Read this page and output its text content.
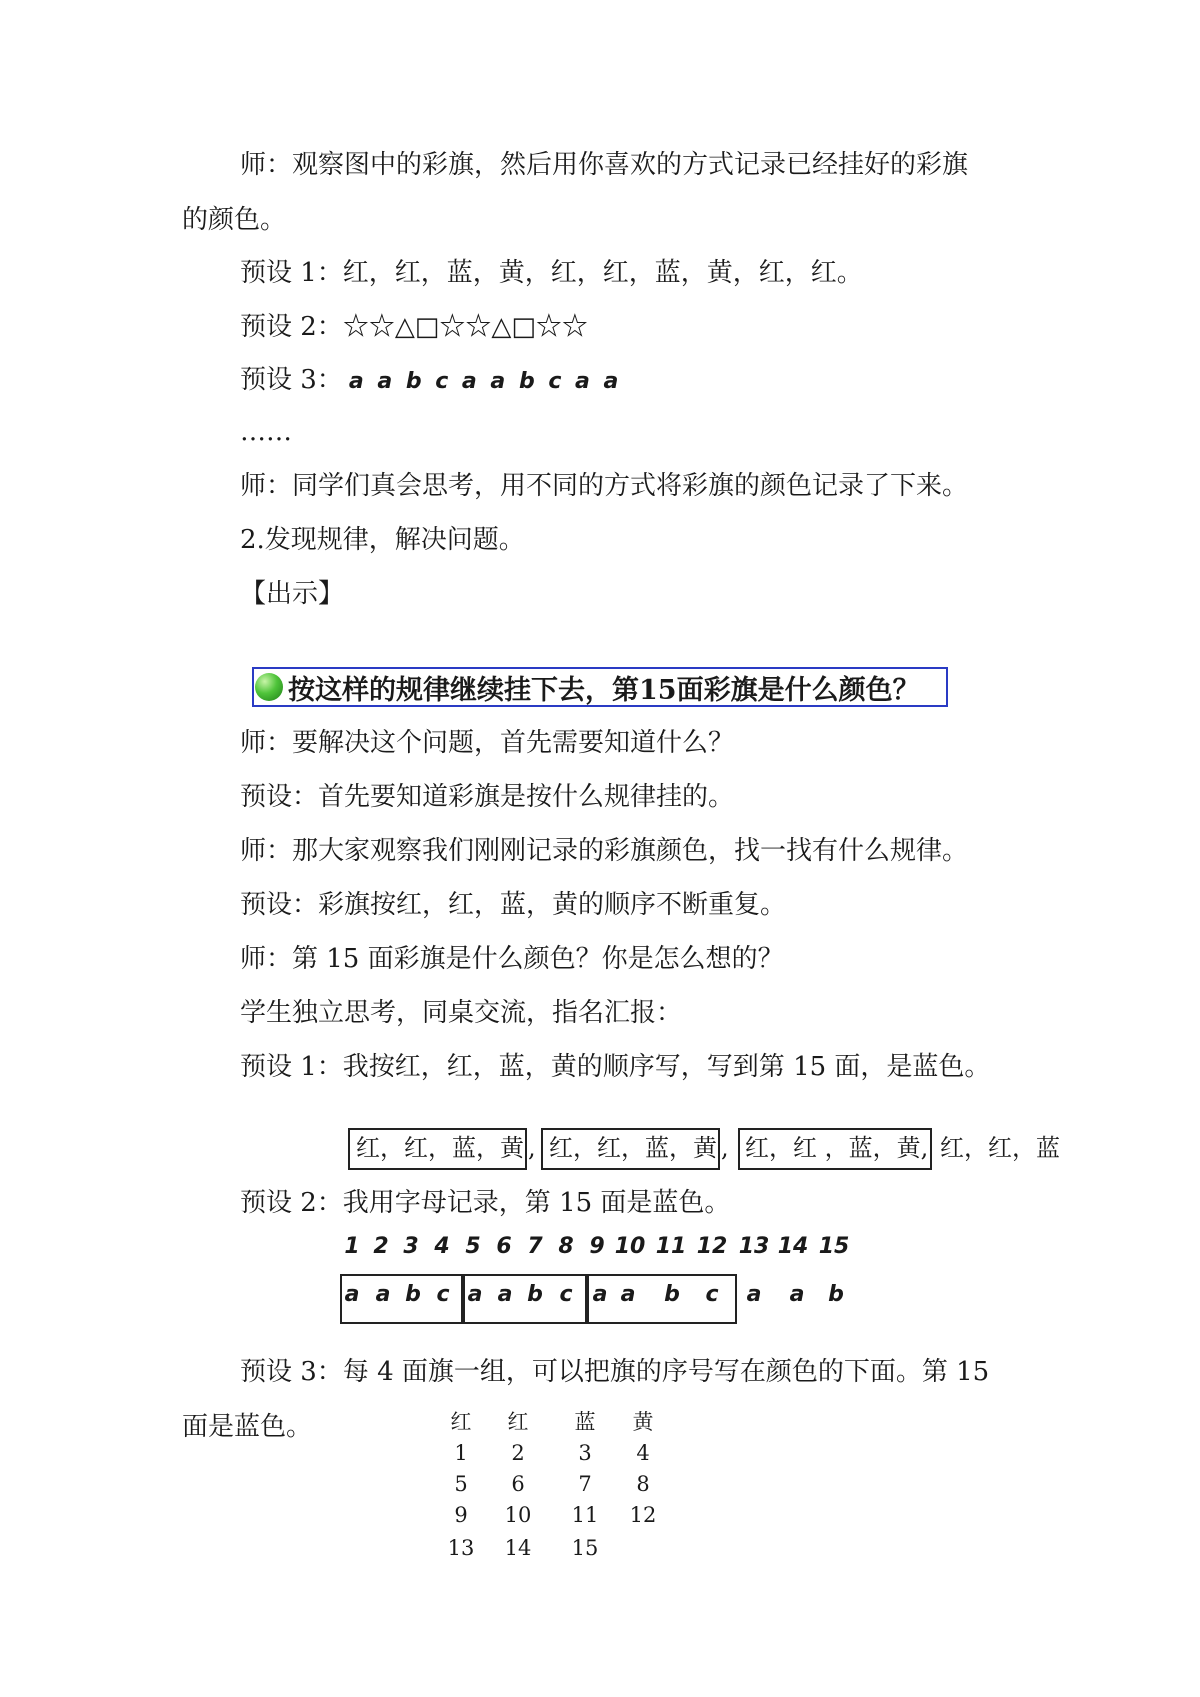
师：观察图中的彩旗，然后用你喜欢的方式记录已经挂好的彩旗
的颜色。
预设 1：红，红，蓝，黄，红，红，蓝，黄，红，红。
预设 2：☆☆△□☆☆△□☆☆
预设 3： a a b c a a b c a a
……
师：同学们真会思考，用不同的方式将彩旗的颜色记录了下来。
2.发现规律，解决问题。
【出示】
按这样的规律继续挂下去，第15面彩旗是什么颜色？
师：要解决这个问题，首先需要知道什么？
预设：首先要知道彩旗是按什么规律挂的。
师：那大家观察我们刚刚记录的彩旗颜色，找一找有什么规律。
预设：彩旗按红，红，蓝，黄的顺序不断重复。
师：第 15 面彩旗是什么颜色？你是怎么想的？
学生独立思考，同桌交流，指名汇报：
预设 1：我按红，红，蓝，黄的顺序写，写到第 15 面，是蓝色。
红，红，蓝，黄 , 红，红，蓝，黄 , 红，红 ，蓝，黄, 红，红，蓝
预设 2：我用字母记录，第 15 面是蓝色。
1 2 3 4 5 6 7 8 9 10 11 12 13 14 15
a a b c a a b c a a	b	c	a	a	b
预设 3：每 4 面旗一组，可以把旗的序号写在颜色的下面。第 15
面是蓝色。	红	红	蓝	黄
1	2	3	4
5	6	7	8
9	10	11	12
13	14	15
